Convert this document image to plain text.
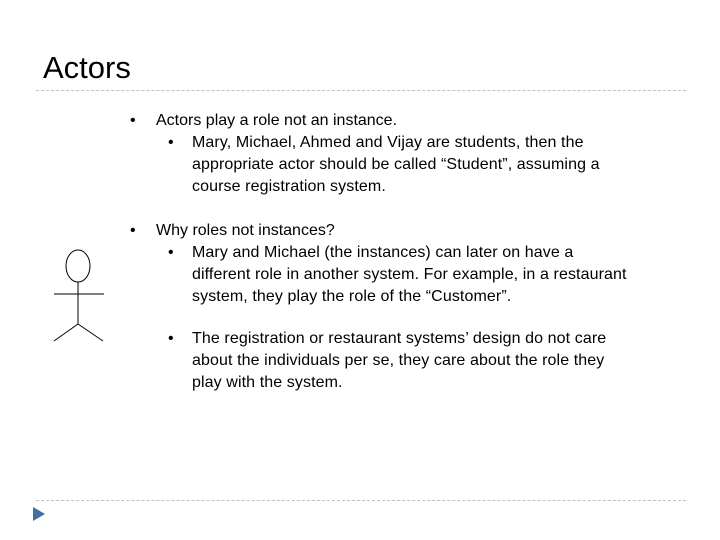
Actors
• Actors play a role not an instance.
• Mary, Michael, Ahmed and Vijay are students, then the
appropriate actor should be called “Student”, assuming a
course registration system.
• Why roles not instances?
• Mary and Michael (the instances) can later on have a
different role in another system. For example, in a restaurant
system, they play the role of the “Customer”.
• The registration or restaurant systems’ design do not care
about the individuals per se, they care about the role they
play with the system.
